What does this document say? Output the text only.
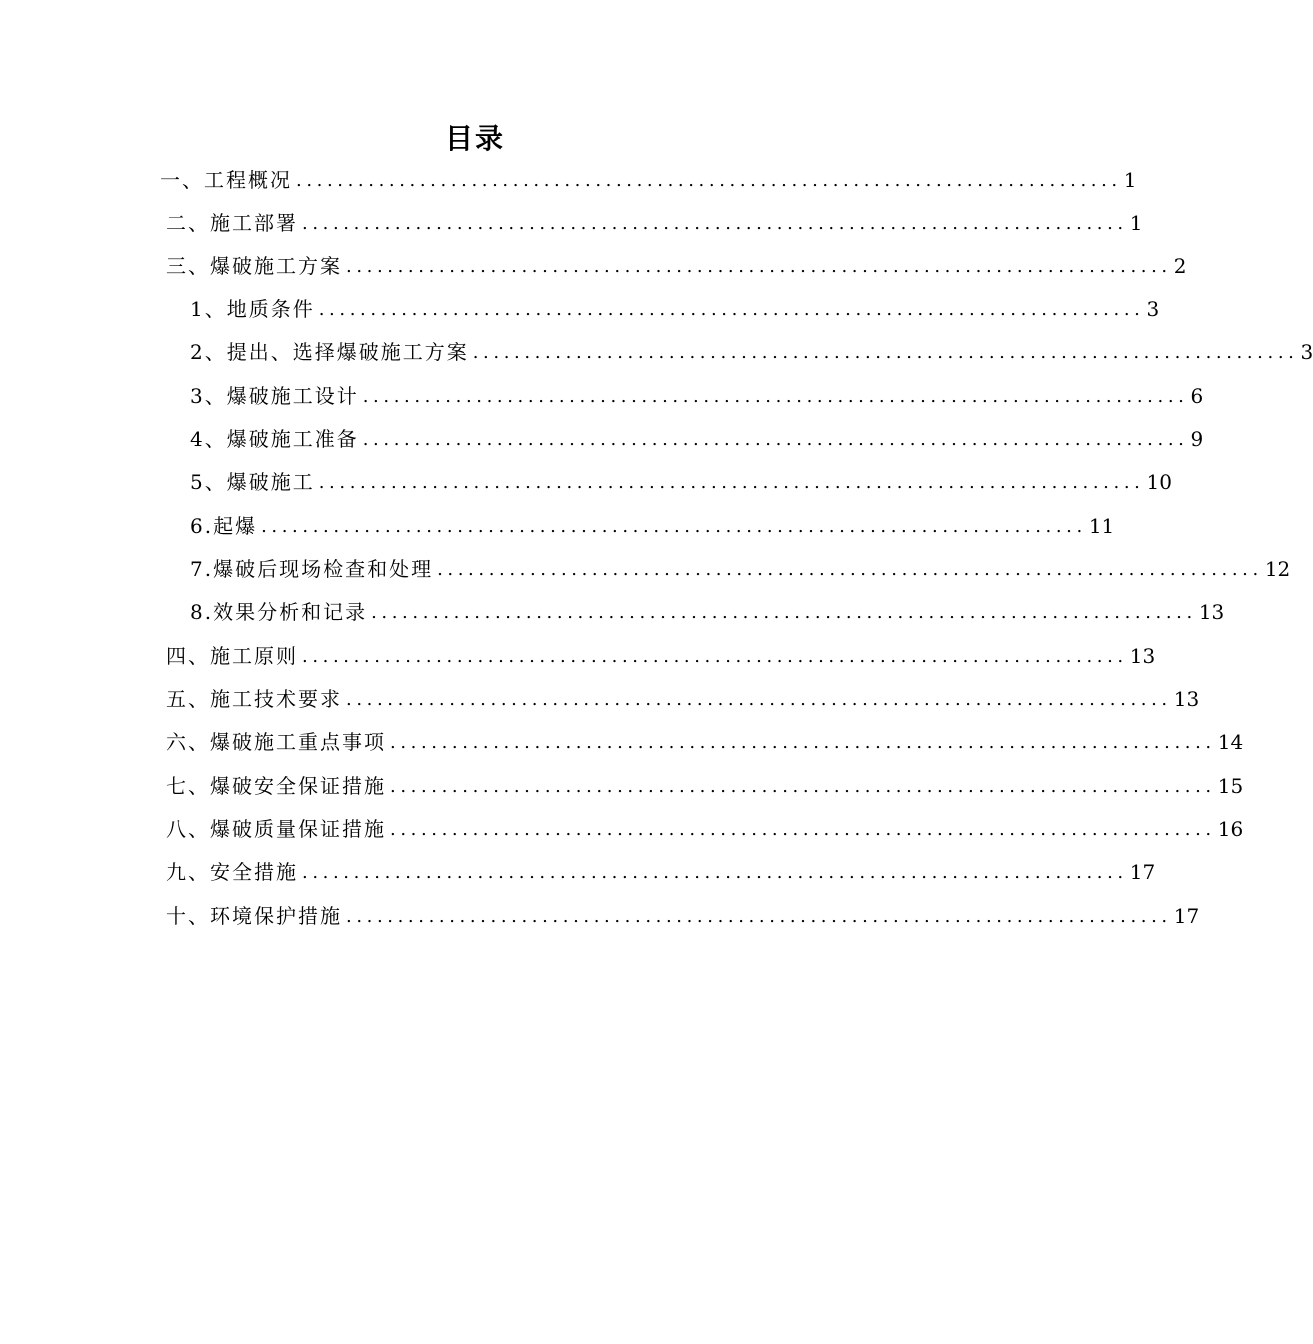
目录
一、工程概况 ................................................................................ 1
二、施工部署 ................................................................................ 1
三、爆破施工方案 ................................................................................ 2
1、地质条件 ................................................................................ 3
2、提出、选择爆破施工方案 ................................................................................ 3
3、爆破施工设计 ................................................................................ 6
4、爆破施工准备 ................................................................................ 9
5、爆破施工 ................................................................................ 10
6.起爆 ................................................................................ 11
7.爆破后现场检查和处理 ................................................................................ 12
8.效果分析和记录 ................................................................................ 13
四、施工原则 ................................................................................ 13
五、施工技术要求 ................................................................................ 13
六、爆破施工重点事项 ................................................................................ 14
七、爆破安全保证措施 ................................................................................ 15
八、爆破质量保证措施 ................................................................................ 16
九、安全措施 ................................................................................ 17
十、环境保护措施 ................................................................................ 17
